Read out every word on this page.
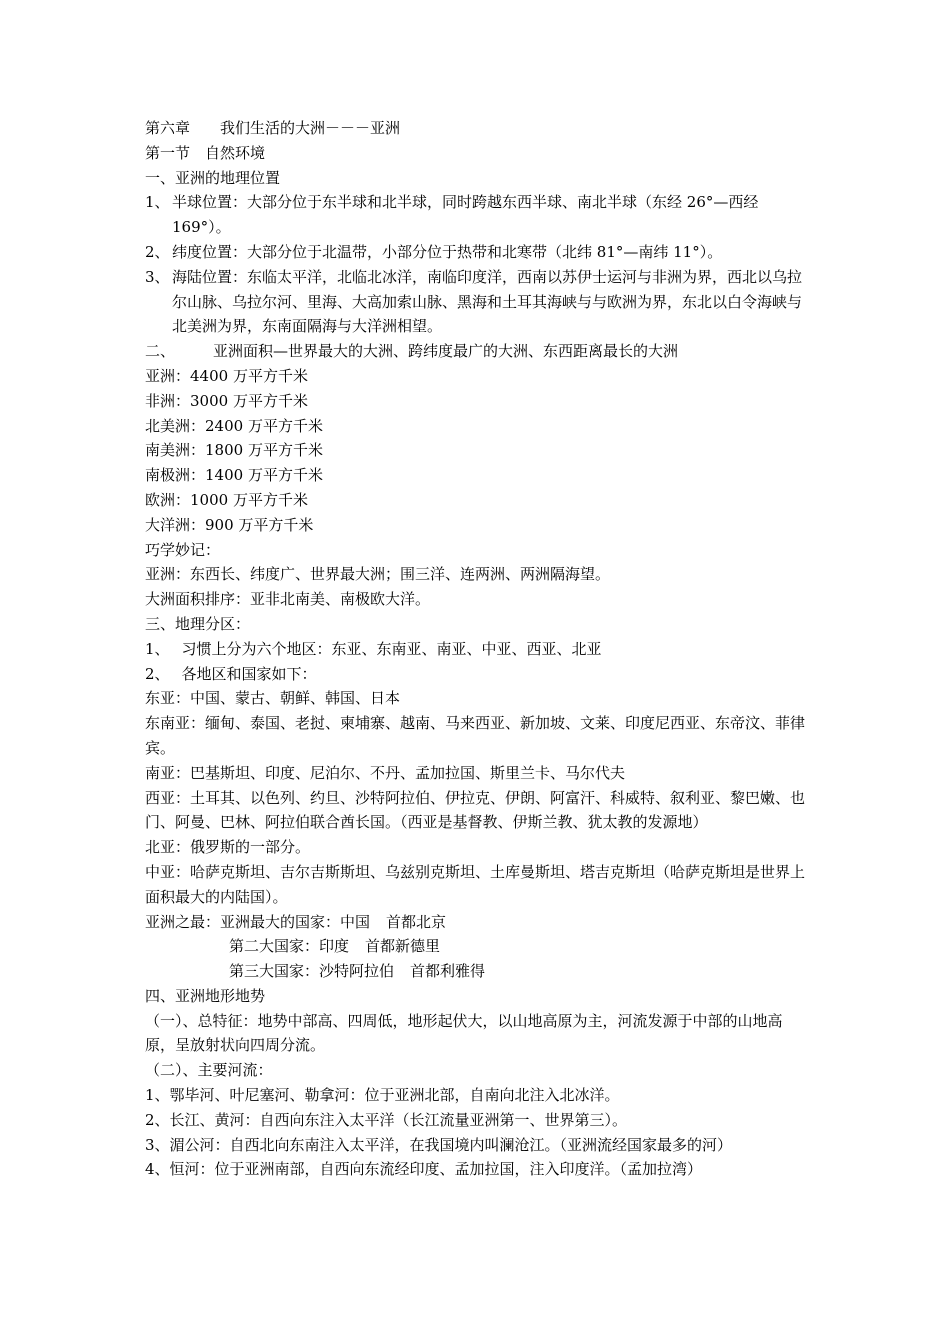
第六章 我们生活的大洲－－－亚洲
第一节 自然环境
一、亚洲的地理位置
1、 半球位置：大部分位于东半球和北半球，同时跨越东西半球、南北半球（东经 26°—西经 169°）。
2、 纬度位置：大部分位于北温带，小部分位于热带和北寒带（北纬 81°—南纬 11°）。
3、 海陆位置：东临太平洋，北临北冰洋，南临印度洋，西南以苏伊士运河与非洲为界，西北以乌拉尔山脉、乌拉尔河、里海、大高加索山脉、黑海和土耳其海峡与与欧洲为界，东北以白令海峡与北美洲为界，东南面隔海与大洋洲相望。
二、	亚洲面积—世界最大的大洲、跨纬度最广的大洲、东西距离最长的大洲
亚洲：4400 万平方千米
非洲：3000 万平方千米
北美洲：2400 万平方千米
南美洲：1800 万平方千米
南极洲：1400 万平方千米
欧洲：1000 万平方千米
大洋洲：900 万平方千米
巧学妙记：
亚洲：东西长、纬度广、世界最大洲；围三洋、连两洲、两洲隔海望。
大洲面积排序：亚非北南美、南极欧大洋。
三、地理分区：
1、 习惯上分为六个地区：东亚、东南亚、南亚、中亚、西亚、北亚
2、 各地区和国家如下：
东亚：中国、蒙古、朝鲜、韩国、日本
东南亚：缅甸、泰国、老挝、柬埔寨、越南、马来西亚、新加坡、文莱、印度尼西亚、东帝汶、菲律宾。
南亚：巴基斯坦、印度、尼泊尔、不丹、孟加拉国、斯里兰卡、马尔代夫
西亚：土耳其、以色列、约旦、沙特阿拉伯、伊拉克、伊朗、阿富汗、科威特、叙利亚、黎巴嫩、也门、阿曼、巴林、阿拉伯联合酋长国。（西亚是基督教、伊斯兰教、犹太教的发源地）
北亚：俄罗斯的一部分。
中亚：哈萨克斯坦、吉尔吉斯斯坦、乌兹别克斯坦、土库曼斯坦、塔吉克斯坦（哈萨克斯坦是世界上面积最大的内陆国）。
亚洲之最：亚洲最大的国家：中国 首都北京
第二大国家：印度 首都新德里
第三大国家：沙特阿拉伯 首都利雅得
四、亚洲地形地势
（一）、总特征：地势中部高、四周低，地形起伏大，以山地高原为主，河流发源于中部的山地高原，呈放射状向四周分流。
（二）、主要河流：
1、鄂毕河、叶尼塞河、勒拿河：位于亚洲北部，自南向北注入北冰洋。
2、长江、黄河：自西向东注入太平洋（长江流量亚洲第一、世界第三）。
3、湄公河：自西北向东南注入太平洋，在我国境内叫澜沧江。（亚洲流经国家最多的河）
4、恒河：位于亚洲南部，自西向东流经印度、孟加拉国，注入印度洋。（孟加拉湾）
